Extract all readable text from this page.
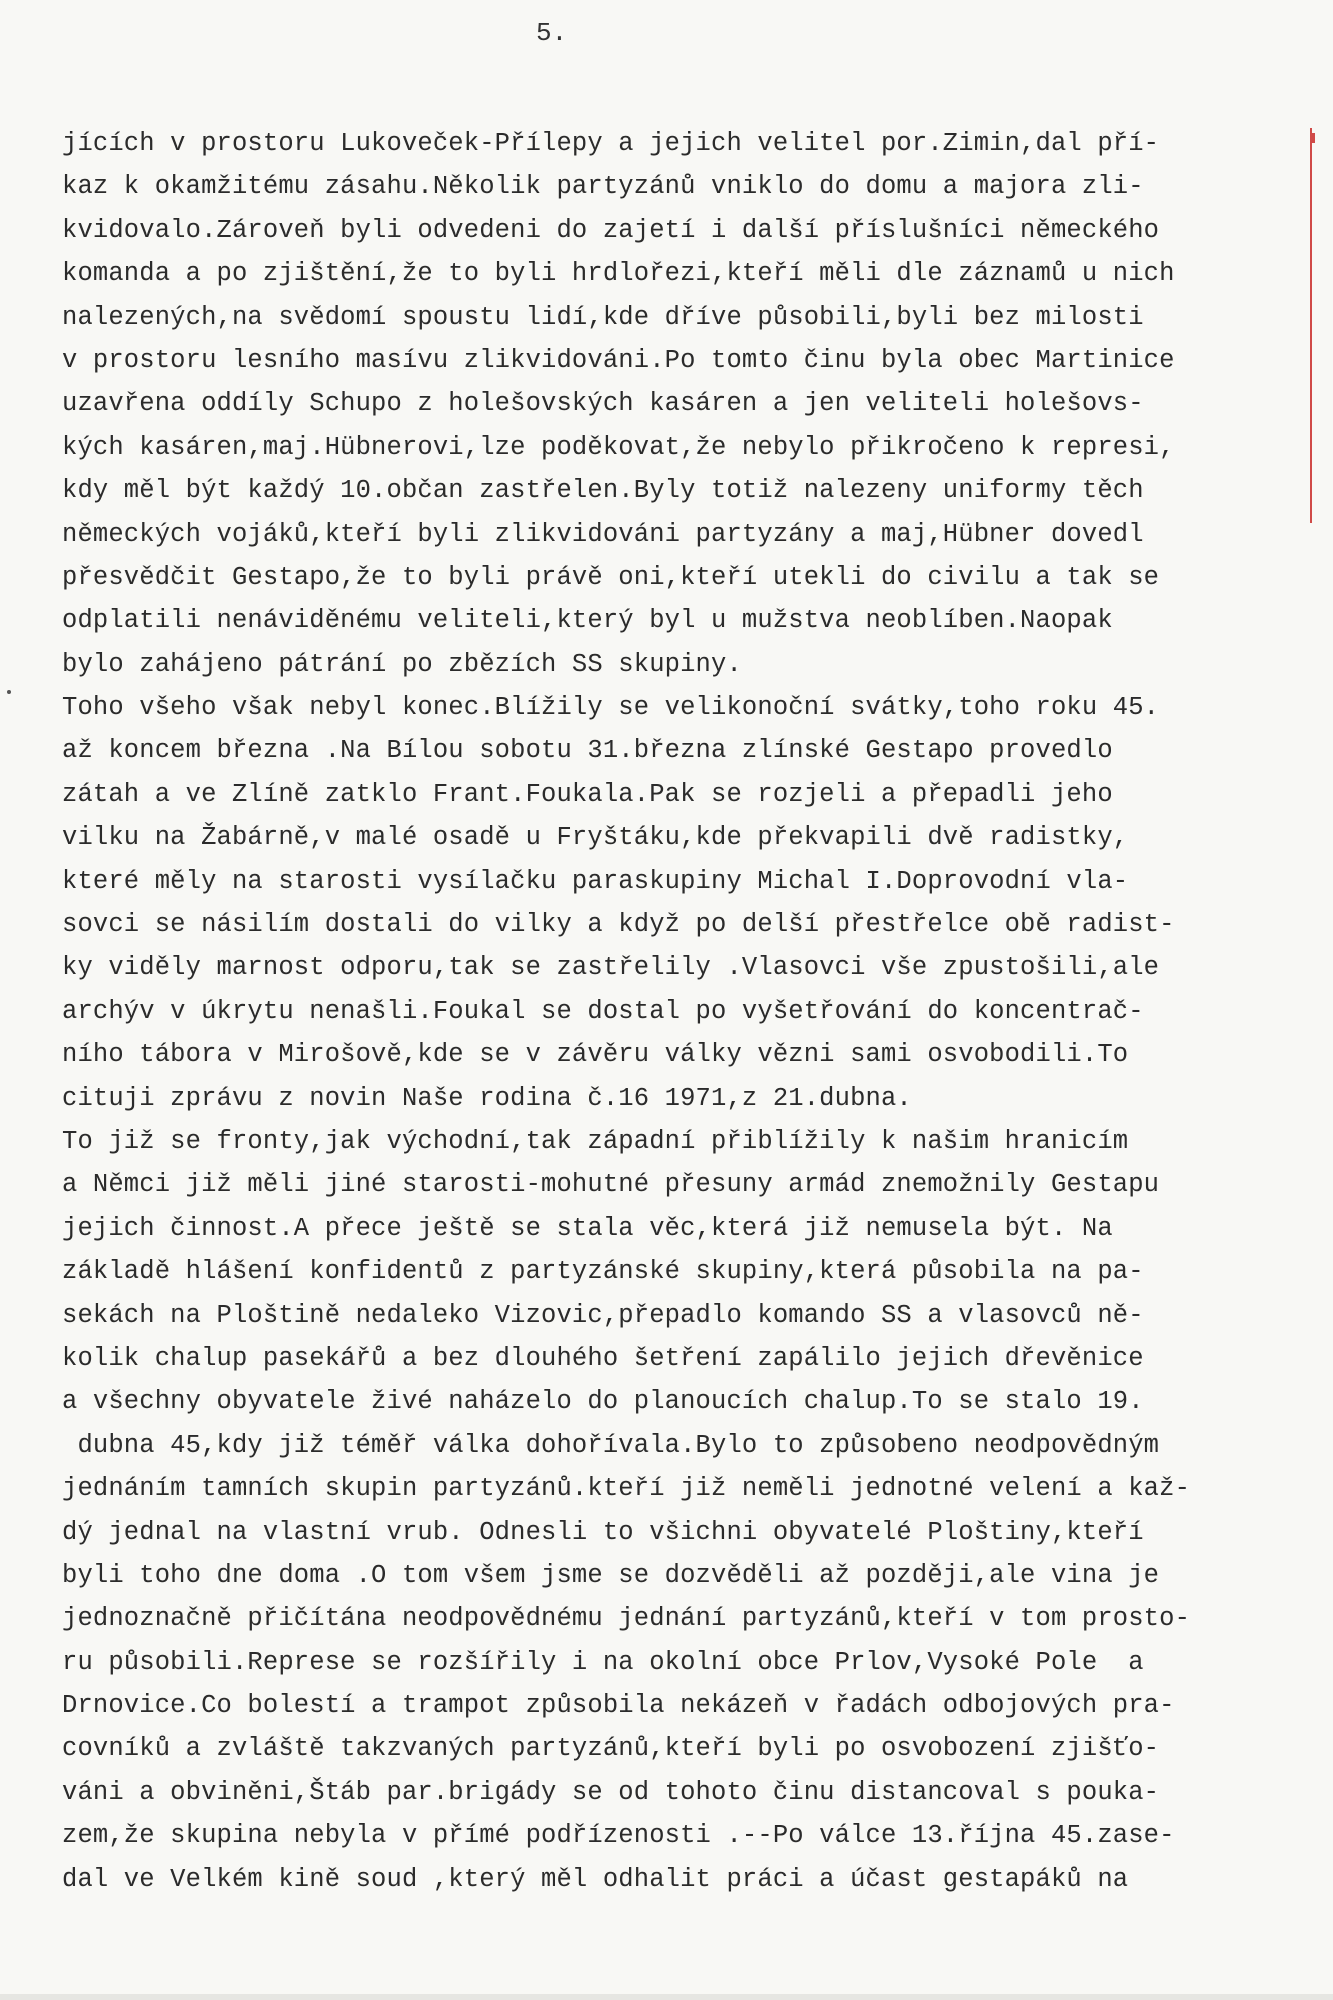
5.
jících v prostoru Lukoveček-Přílepy a jejich velitel por.Zimin,dal pří-
kaz k okamžitému zásahu.Několik partyzánů vniklo do domu a majora zli-
kvidovalo.Zároveň byli odvedeni do zajetí i další příslušníci německého
komanda a po zjištění,že to byli hrdlořezi,kteří měli dle záznamů u nich
nalezených,na svědomí spoustu lidí,kde dříve působili,byli bez milosti
v prostoru lesního masívu zlikvidováni.Po tomto činu byla obec Martinice
uzavřena oddíly Schupo z holešovských kasáren a jen veliteli holešovs-
kých kasáren,maj.Hübnerovi,lze poděkovat,že nebylo přikročeno k represi,
kdy měl být každý 10.občan zastřelen.Byly totiž nalezeny uniformy těch
německých vojáků,kteří byli zlikvidováni partyzány a maj,Hübner dovedl
přesvědčit Gestapo,že to byli právě oni,kteří utekli do civilu a tak se
odplatili nenáviděnému veliteli,který byl u mužstva neoblíben.Naopak
bylo zahájeno pátrání po zbězích SS skupiny.
Toho všeho však nebyl konec.Blížily se velikonoční svátky,toho roku 45.
až koncem března .Na Bílou sobotu 31.března zlínské Gestapo provedlo
zátah a ve Zlíně zatklo Frant.Foukala.Pak se rozjeli a přepadli jeho
vilku na Žabárně,v malé osadě u Fryštáku,kde překvapili dvě radistky,
které měly na starosti vysílačku paraskupiny Michal I.Doprovodní vla-
sovci se násilím dostali do vilky a když po delší přestřelce obě radist-
ky viděly marnost odporu,tak se zastřelily .Vlasovci vše zpustošili,ale
archýv v úkrytu nenašli.Foukal se dostal po vyšetřování do koncentrač-
ního tábora v Mirošově,kde se v závěru války vězni sami osvobodili.To
cituji zprávu z novin Naše rodina č.16 1971,z 21.dubna.
To již se fronty,jak východní,tak západní přiblížily k našim hranicím
a Němci již měli jiné starosti-mohutné přesuny armád znemožnily Gestapu
jejich činnost.A přece ještě se stala věc,která již nemusela být. Na
základě hlášení konfidentů z partyzánské skupiny,která působila na pa-
sekách na Ploštině nedaleko Vizovic,přepadlo komando SS a vlasovců ně-
kolik chalup pasekářů a bez dlouhého šetření zapálilo jejich dřevěnice
a všechny obyvatele živé naházelo do planoucích chalup.To se stalo 19.
dubna 45,kdy již téměř válka dohořívala.Bylo to způsobeno neodpovědným
jednáním tamních skupin partyzánů.kteří již neměli jednotné velení a kaž-
dý jednal na vlastní vrub. Odnesli to všichni obyvatelé Ploštiny,kteří
byli toho dne doma .O tom všem jsme se dozvěděli až později,ale vina je
jednoznačně přičítána neodpovědnému jednání partyzánů,kteří v tom prosto-
ru působili.Represe se rozšířily i na okolní obce Prlov,Vysoké Pole  a
Drnovice.Co bolestí a trampot způsobila nekázeň v řadách odbojových pra-
covníků a zvláště takzvaných partyzánů,kteří byli po osvobození zjišťo-
váni a obviněni,Štáb par.brigády se od tohoto činu distancoval s pouka-
zem,že skupina nebyla v přímé podřízenosti .--Po válce 13.října 45.zase-
dal ve Velkém kině soud ,který měl odhalit práci a účast gestapáků na
